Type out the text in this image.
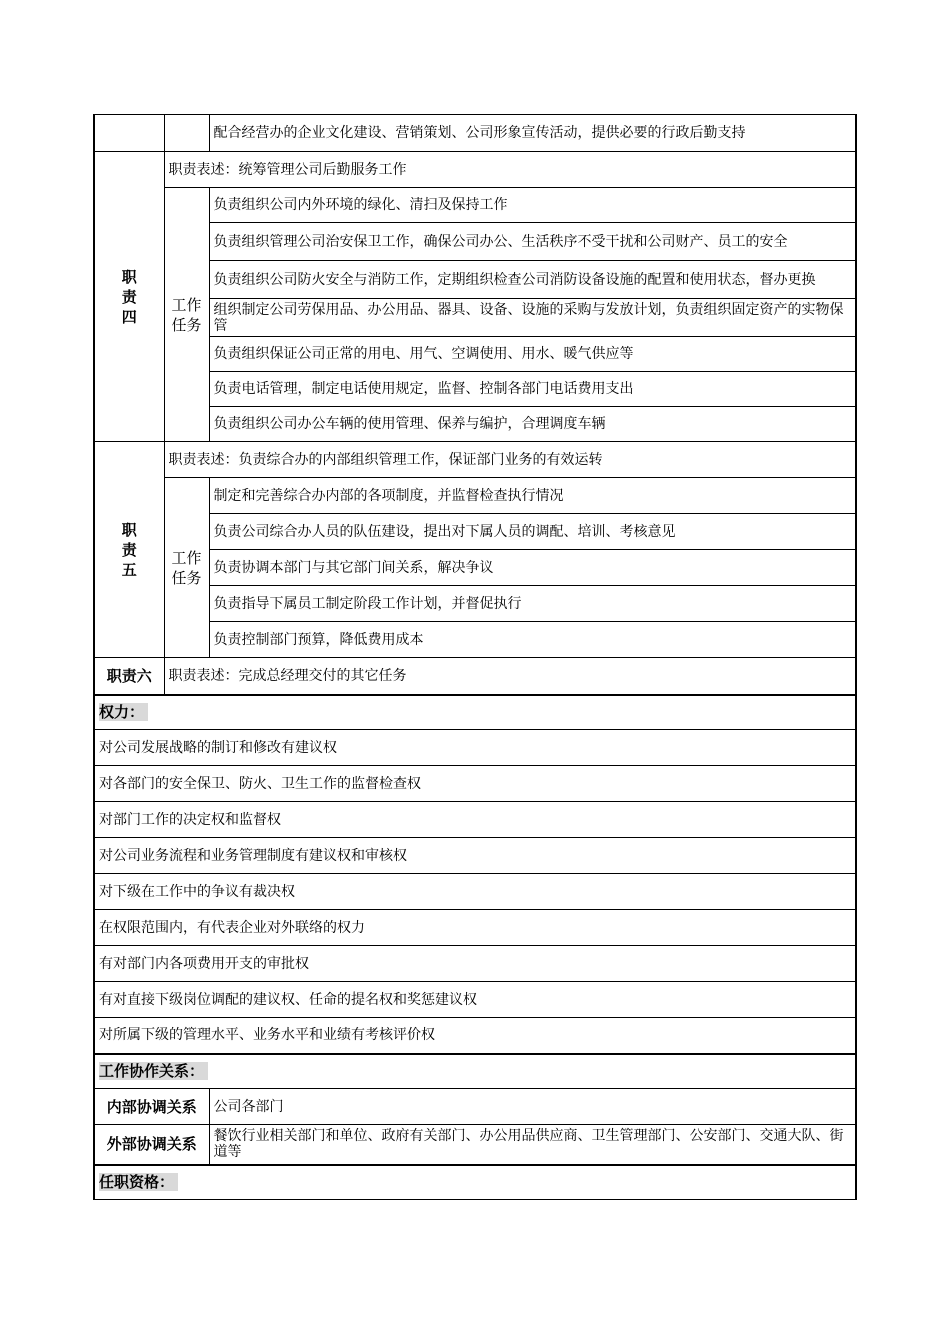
		配合经营办的企业文化建设、营销策划、公司形象宣传活动，提供必要的行政后勤支持

职
责
四	职责表述：统筹管理公司后勤服务工作	

	工作
任务	负责组织公司内外环境的绿化、清扫及保持工作
		负责组织管理公司治安保卫工作，确保公司办公、生活秩序不受干扰和公司财产、员工的安全
		负责组织公司防火安全与消防工作，定期组织检查公司消防设备设施的配置和使用状态，督办更换
		组织制定公司劳保用品、办公用品、器具、设备、设施的采购与发放计划，负责组织固定资产的实物保管
		负责组织保证公司正常的用电、用气、空调使用、用水、暖气供应等
		负责电话管理，制定电话使用规定，监督、控制各部门电话费用支出
		负责组织公司办公车辆的使用管理、保养与编护，合理调度车辆

职
责
五	职责表述：负责综合办的内部组织管理工作，保证部门业务的有效运转	

	工作
任务	制定和完善综合办内部的各项制度，并监督检查执行情况
		负责公司综合办人员的队伍建设，提出对下属人员的调配、培训、考核意见
		负责协调本部门与其它部门间关系，解决争议
		负责指导下属员工制定阶段工作计划，并督促执行
		负责控制部门预算，降低费用成本
职责六	职责表述：完成总经理交付的其它任务	
权力：		
对公司发展战略的制订和修改有建议权		
对各部门的安全保卫、防火、卫生工作的监督检查权		
对部门工作的决定权和监督权		
对公司业务流程和业务管理制度有建议权和审核权		
对下级在工作中的争议有裁决权		
在权限范围内，有代表企业对外联络的权力		
有对部门内各项费用开支的审批权		
有对直接下级岗位调配的建议权、任命的提名权和奖惩建议权		
对所属下级的管理水平、业务水平和业绩有考核评价权		
工作协作关系：		
内部协调关系		公司各部门
外部协调关系		餐饮行业相关部门和单位、政府有关部门、办公用品供应商、卫生管理部门、公安部门、交通大队、街道等
任职资格：		
